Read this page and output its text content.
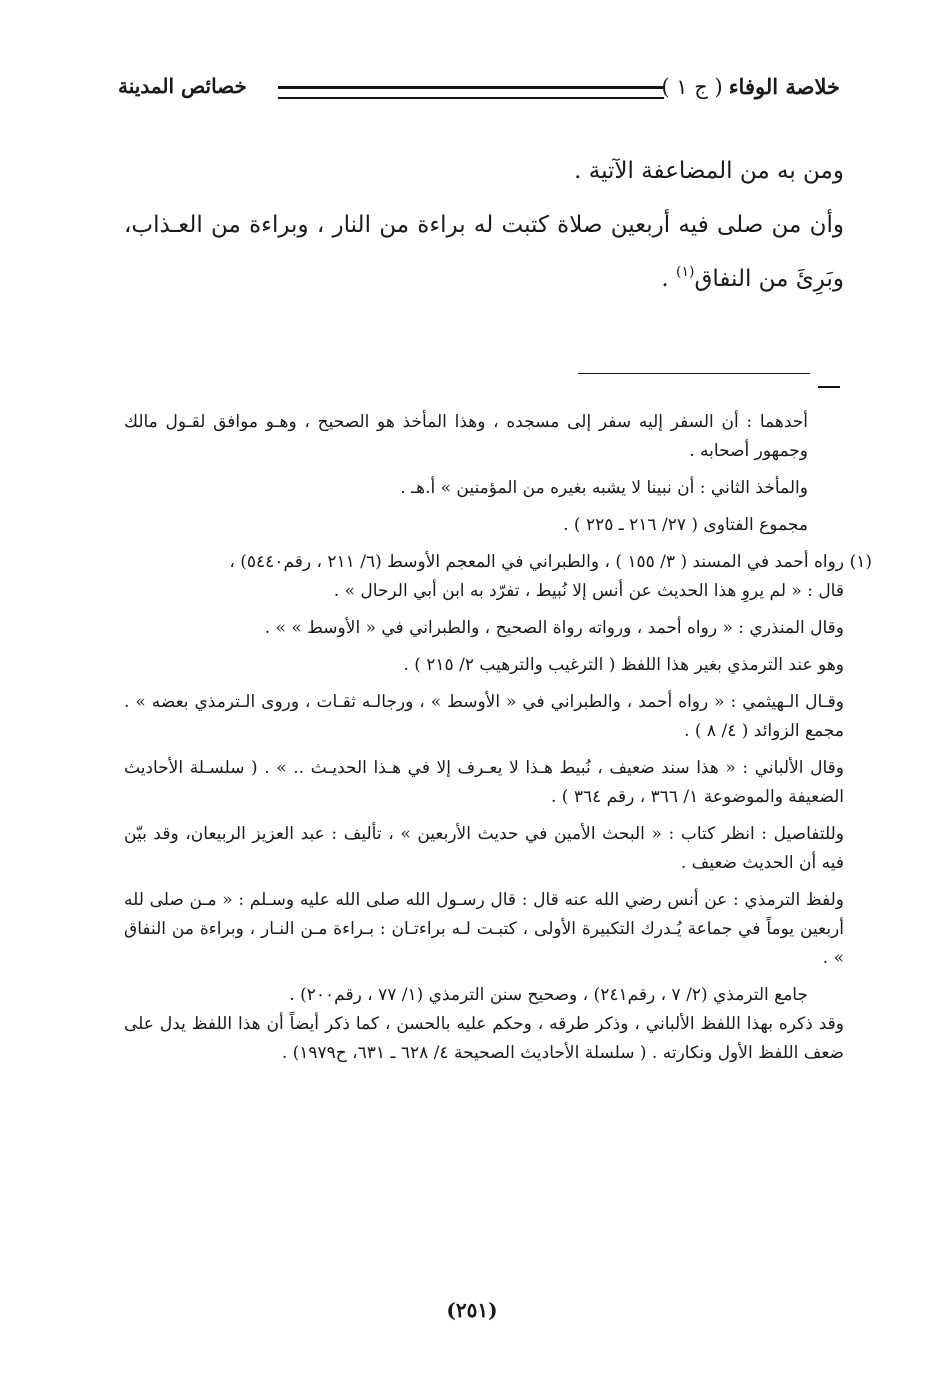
خلاصة الوفاء( ج ١ )
خصائص المدينة

ومن به من المضاعفة الآتية .

وأن من صلى فيه أربعين صلاة كتبت له براءة من النار ، وبراءة من العـذاب، وبَرِئَ من النفاق$^{(١)}$ .

أحدهما : أن السفر إليه سفر إلى مسجده ، وهذا المأخذ هو الصحيح ، وهـو موافق لقـول مالك وجمهور أصحابه .

والمأخذ الثاني : أن نبينا لا يشبه بغيره من المؤمنين » أ.هـ .

مجموع الفتاوى ( ٢٧/ ٢١٦ ـ ٢٢٥ ) .

(١)
رواه أحمد في المسند ( ٣/ ١٥٥ ) ، والطبراني في المعجم الأوسط (٦/ ٢١١ ، رقم٥٤٤٠) ،

قال : « لم يروِ هذا الحديث عن أنس إلا نُبيط ، تفرّد به ابن أبي الرحال » .

وقال المنذري : « رواه أحمد ، ورواته رواة الصحيح ، والطبراني في « الأوسط » » .

وهو عند الترمذي بغير هذا اللفظ ( الترغيب والترهيب ٢/ ٢١٥ ) .

وقـال الـهيثمي : « رواه أحمد ، والطبراني في « الأوسط » ، ورجالـه ثقـات ، وروى الـترمذي بعضه » . مجمع الزوائد ( ٤/ ٨ ) .

وقال الألباني : « هذا سند ضعيف ، نُبيط هـذا لا يعـرف إلا في هـذا الحديـث .. » . ( سلسـلة الأحاديث الضعيفة والموضوعة ١/ ٣٦٦ ، رقم ٣٦٤ ) .

وللتفاصيل : انظر كتاب : « البحث الأمين في حديث الأربعين » ، تأليف : عبد العزيز الربيعان، وقد بيّن فيه أن الحديث ضعيف .

ولفظ الترمذي : عن أنس رضي الله عنه قال : قال رسـول الله صلى الله عليه وسـلم : « مـن صلى لله أربعين يوماً في جماعة يُـدرك التكبيرة الأولى ، كتبـت لـه براءتـان : بـراءة مـن النـار ، وبراءة من النفاق » .

جامع الترمذي (٢/ ٧ ، رقم٢٤١) ، وصحيح سنن الترمذي (١/ ٧٧ ، رقم٢٠٠) .

وقد ذكره بهذا اللفظ الألباني ، وذكر طرقه ، وحكم عليه بالحسن ، كما ذكر أيضاً أن هذا اللفظ يدل على ضعف اللفظ الأول ونكارته . ( سلسلة الأحاديث الصحيحة ٤/ ٦٢٨ ـ ٦٣١، ح١٩٧٩) .

(٢٥١)
